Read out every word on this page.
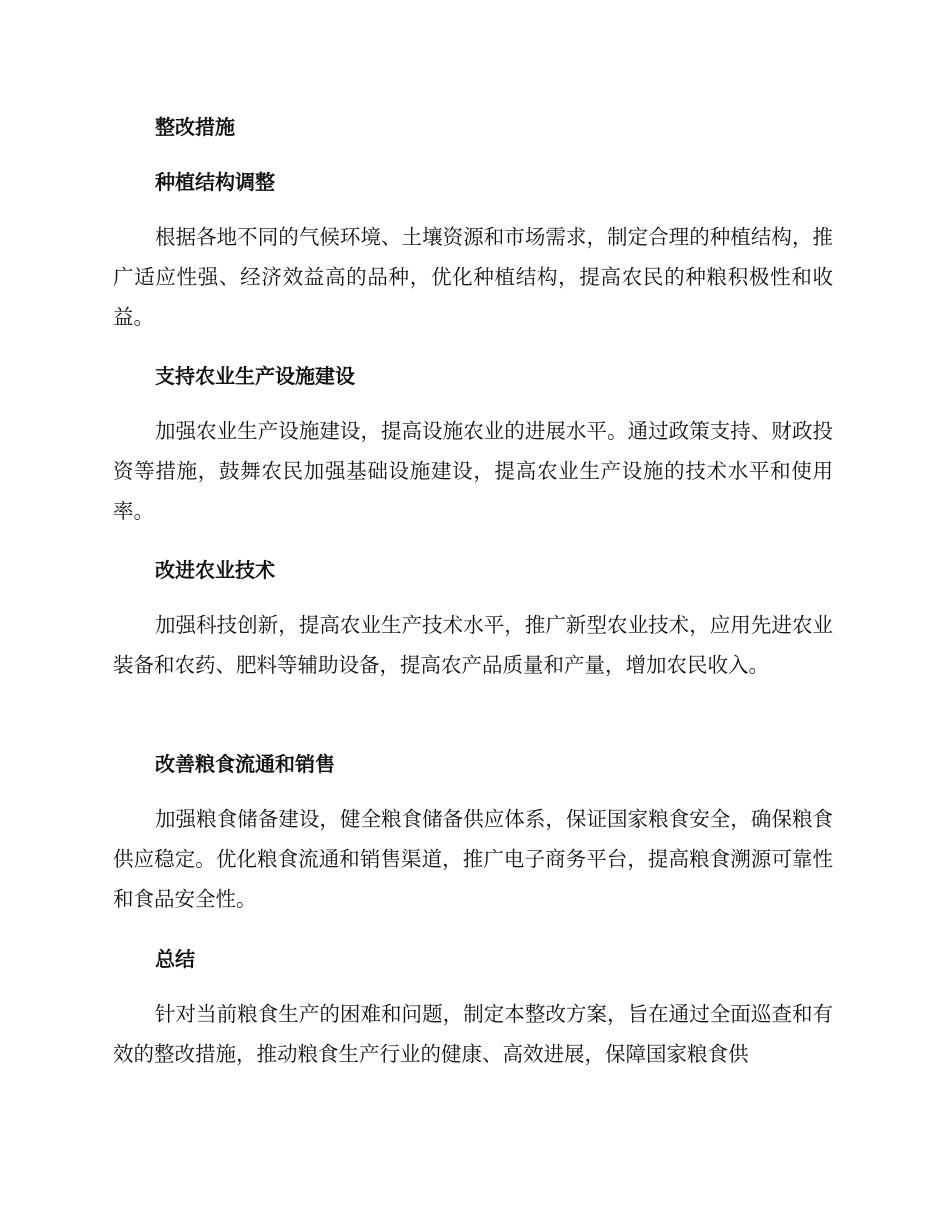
整改措施
种植结构调整
根据各地不同的气候环境、土壤资源和市场需求，制定合理的种植结构，推广适应性强、经济效益高的品种，优化种植结构，提高农民的种粮积极性和收益。
支持农业生产设施建设
加强农业生产设施建设，提高设施农业的进展水平。通过政策支持、财政投资等措施，鼓舞农民加强基础设施建设，提高农业生产设施的技术水平和使用率。
改进农业技术
加强科技创新，提高农业生产技术水平，推广新型农业技术，应用先进农业装备和农药、肥料等辅助设备，提高农产品质量和产量，增加农民收入。
改善粮食流通和销售
加强粮食储备建设，健全粮食储备供应体系，保证国家粮食安全，确保粮食供应稳定。优化粮食流通和销售渠道，推广电子商务平台，提高粮食溯源可靠性和食品安全性。
总结
针对当前粮食生产的困难和问题，制定本整改方案，旨在通过全面巡查和有效的整改措施，推动粮食生产行业的健康、高效进展，保障国家粮食供
